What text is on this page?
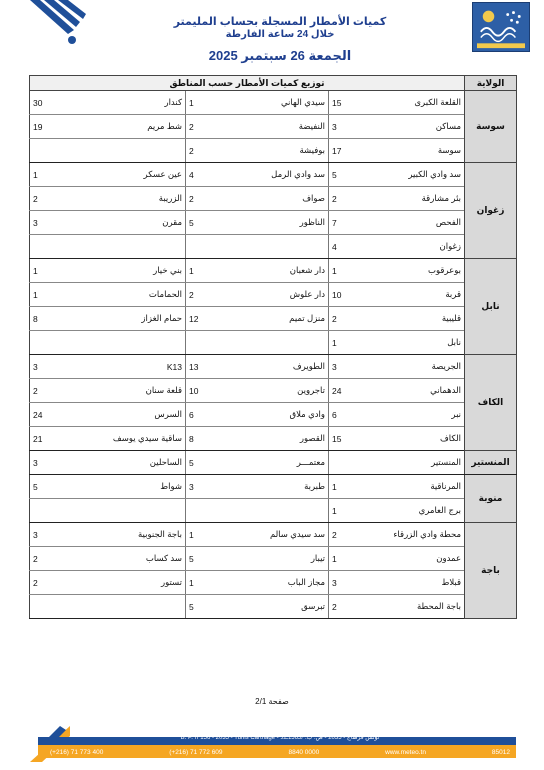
كميات الأمطار المسجلة بحساب المليمتر
خلال 24 ساعة الفارطة
الجمعة 26 سبتمبر 2025
الولاية	توزيع كميات الأمطار حسب المناطق					
سوسة	القلعة الكبرى	15	سيدي الهاني	1	كندار	30
	مساكن	3	النفيضة	2	شط مريم	19
	سوسة	17	بوفيشة	2		
زغوان	سد وادي الكبير	5	سد وادي الرمل	4	عين عسكر	1
	بئر مشارقة	2	صواف	2	الزريبة	2
	الفحص	7	الناظور	5	مقرن	3
	زغوان	4				
نابل	بوعرقوب	1	دار شعبان	1	بني خيار	1
	قربة	10	دار علوش	2	الحمامات	1
	قليبية	2	منزل تميم	12	حمام الغزاز	8
	نابل	1				
الكاف	الجريصة	3	الطويرف	13	K13	3
	الدهماني	24	تاجروين	10	قلعة سنان	2
	نبر	6	وادي ملاق	6	السرس	24
	الكاف	15	القصور	8	ساقية سيدي يوسف	21
المنستير	المنستير		معتمـــر	5	الساحلين	3
منوبة	المرناقية	1	طبربة	3	شواط	5
	برج العامري	1				
باجة	محطة وادي الزرقاء	2	سد سيدي سالم	1	باجة الجنوبية	3
	عمدون	1	تيبار	5	سد كساب	2
	قبلاط	3	مجاز الباب	1	تستور	2
	باجة المحطة	2	تبرسق	5		
صفحة 2/1
B. P. n°156 - 2035 - Tunis Carthage - تونس قرطاج - 2035 - ص. ب. عـ156ـدد
(+216) 71 773 400	(+216) 71 772 609	8840 0000	www.meteo.tn	85012
